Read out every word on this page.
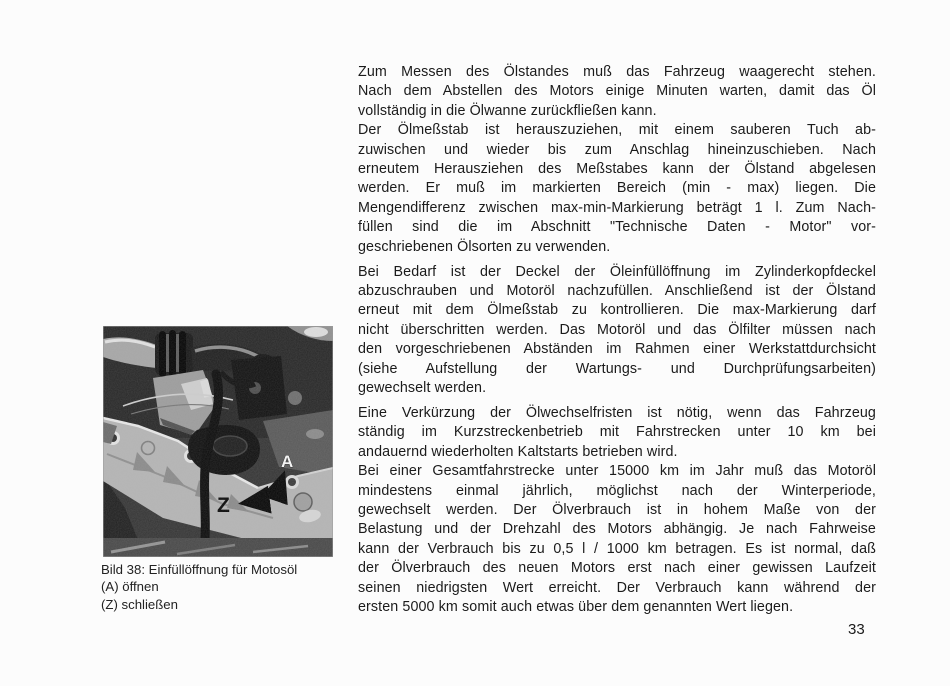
Bild 38: Einfüllöffnung für Motosöl
(A) öffnen
(Z) schließen
Zum Messen des Ölstandes muß das Fahrzeug waagerecht stehen.
Nach dem Abstellen des Motors einige Minuten warten, damit das Öl
vollständig in die Ölwanne zurückfließen kann.
Der Ölmeßstab ist herauszuziehen, mit einem sauberen Tuch ab-
zuwischen und wieder bis zum Anschlag hineinzuschieben. Nach
erneutem Herausziehen des Meßstabes kann der Ölstand abgelesen
werden. Er muß im markierten Bereich (min - max) liegen. Die
Mengendifferenz zwischen max-min-Markierung beträgt 1 l. Zum Nach-
füllen sind die im Abschnitt "Technische Daten - Motor" vor-
geschriebenen Ölsorten zu verwenden.
Bei Bedarf ist der Deckel der Öleinfüllöffnung im Zylinderkopfdeckel
abzuschrauben und Motoröl nachzufüllen. Anschließend ist der Ölstand
erneut mit dem Ölmeßstab zu kontrollieren. Die max-Markierung darf
nicht überschritten werden. Das Motoröl und das Ölfilter müssen nach
den vorgeschriebenen Abständen im Rahmen einer Werkstattdurchsicht
(siehe Aufstellung der Wartungs- und Durchprüfungsarbeiten)
gewechselt werden.
Eine Verkürzung der Ölwechselfristen ist nötig, wenn das Fahrzeug
ständig im Kurzstreckenbetrieb mit Fahrstrecken unter 10 km bei
andauernd wiederholten Kaltstarts betrieben wird.
Bei einer Gesamtfahrstrecke unter 15000 km im Jahr muß das Motoröl
mindestens einmal jährlich, möglichst nach der Winterperiode,
gewechselt werden. Der Ölverbrauch ist in hohem Maße von der
Belastung und der Drehzahl des Motors abhängig. Je nach Fahrweise
kann der Verbrauch bis zu 0,5 l / 1000 km betragen. Es ist normal, daß
der Ölverbrauch des neuen Motors erst nach einer gewissen Laufzeit
seinen niedrigsten Wert erreicht. Der Verbrauch kann während der
ersten 5000 km somit auch etwas über dem genannten Wert liegen.
33
